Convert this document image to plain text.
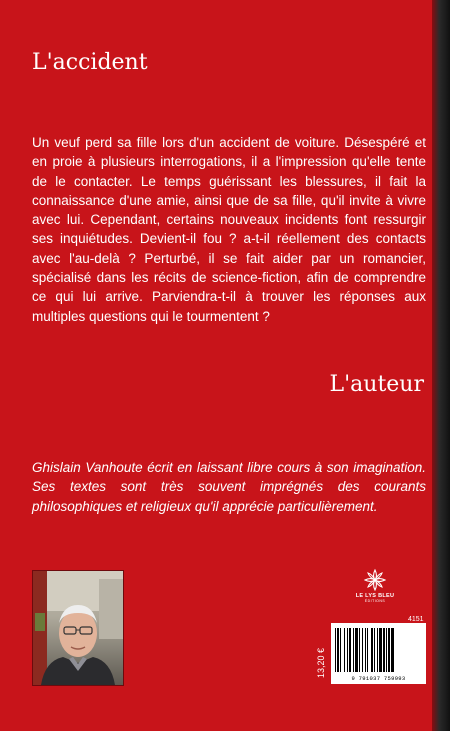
L'accident
Un veuf perd sa fille lors d'un accident de voiture. Désespéré et en proie à plusieurs interrogations, il a l'impression qu'elle tente de le contacter. Le temps guérissant les blessures, il fait la connaissance d'une amie, ainsi que de sa fille, qu'il invite à vivre avec lui. Cependant, certains nouveaux incidents font ressurgir ses inquiétudes. Devient-il fou ? a-t-il réellement des contacts avec l'au-delà ? Perturbé, il se fait aider par un romancier, spécialisé dans les récits de science-fiction, afin de comprendre ce qui lui arrive. Parviendra-t-il à trouver les réponses aux multiples questions qui le tourmentent ?
L'auteur
Ghislain Vanhoute écrit en laissant libre cours à son imagination. Ses textes sont très souvent imprégnés des courants philosophiques et religieux qu'il apprécie particulièrement.
LE LYS BLEU
ÉDITIONS
4151
13,20 €
9 791037 759993
